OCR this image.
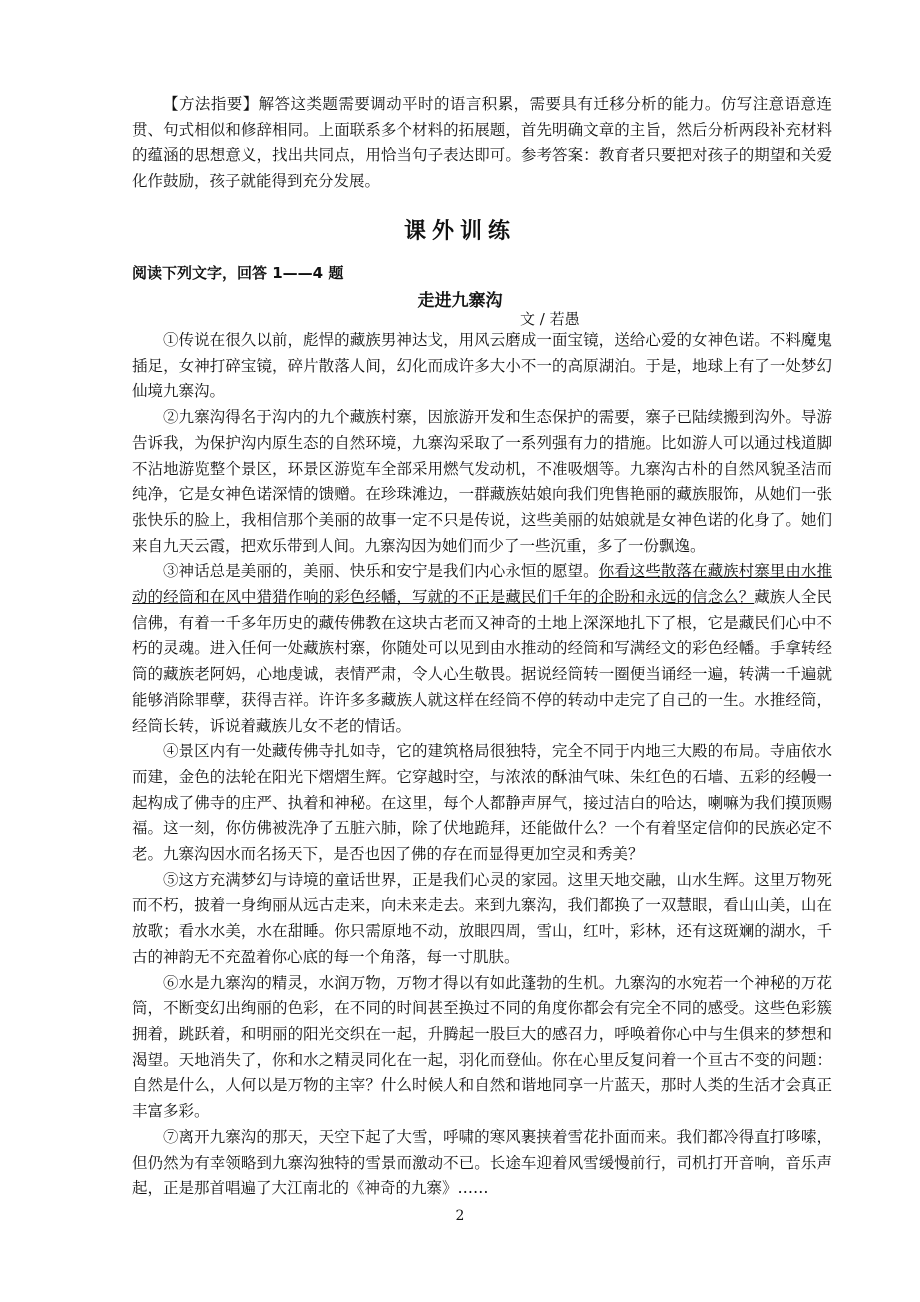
【方法指要】解答这类题需要调动平时的语言积累，需要具有迁移分析的能力。仿写注意语意连贯、句式相似和修辞相同。上面联系多个材料的拓展题，首先明确文章的主旨，然后分析两段补充材料的蕴涵的思想意义，找出共同点，用恰当句子表达即可。参考答案：教育者只要把对孩子的期望和关爱化作鼓励，孩子就能得到充分发展。
课外训练
阅读下列文字，回答 1——4 题
走进九寨沟
文 / 若愚

①传说在很久以前，彪悍的藏族男神达戈，用风云磨成一面宝镜，送给心爱的女神色诺。不料魔鬼插足，女神打碎宝镜，碎片散落人间，幻化而成许多大小不一的高原湖泊。于是，地球上有了一处梦幻仙境九寨沟。

②九寨沟得名于沟内的九个藏族村寨，因旅游开发和生态保护的需要，寨子已陆续搬到沟外。导游告诉我，为保护沟内原生态的自然环境，九寨沟采取了一系列强有力的措施。比如游人可以通过栈道脚不沾地游览整个景区，环景区游览车全部采用燃气发动机，不准吸烟等。九寨沟古朴的自然风貌圣洁而纯净，它是女神色诺深情的馈赠。在珍珠滩边，一群藏族姑娘向我们兜售艳丽的藏族服饰，从她们一张张快乐的脸上，我相信那个美丽的故事一定不只是传说，这些美丽的姑娘就是女神色诺的化身了。她们来自九天云霞，把欢乐带到人间。九寨沟因为她们而少了一些沉重，多了一份飘逸。

③神话总是美丽的，美丽、快乐和安宁是我们内心永恒的愿望。你看这些散落在藏族村寨里由水推动的经筒和在风中猎猎作响的彩色经幡，写就的不正是藏民们千年的企盼和永远的信念么？藏族人全民信佛，有着一千多年历史的藏传佛教在这块古老而又神奇的土地上深深地扎下了根，它是藏民们心中不朽的灵魂。进入任何一处藏族村寨，你随处可以见到由水推动的经筒和写满经文的彩色经幡。手拿转经筒的藏族老阿妈，心地虔诚，表情严肃，令人心生敬畏。据说经筒转一圈便当诵经一遍，转满一千遍就能够消除罪孽，获得吉祥。许许多多藏族人就这样在经筒不停的转动中走完了自己的一生。水推经筒，经筒长转，诉说着藏族儿女不老的情话。

④景区内有一处藏传佛寺扎如寺，它的建筑格局很独特，完全不同于内地三大殿的布局。寺庙依水而建，金色的法轮在阳光下熠熠生辉。它穿越时空，与浓浓的酥油气味、朱红色的石墙、五彩的经幔一起构成了佛寺的庄严、执着和神秘。在这里，每个人都静声屏气，接过洁白的哈达，喇嘛为我们摸顶赐福。这一刻，你仿佛被洗净了五脏六肺，除了伏地跪拜，还能做什么？一个有着坚定信仰的民族必定不老。九寨沟因水而名扬天下，是否也因了佛的存在而显得更加空灵和秀美？

⑤这方充满梦幻与诗境的童话世界，正是我们心灵的家园。这里天地交融，山水生辉。这里万物死而不朽，披着一身绚丽从远古走来，向未来走去。来到九寨沟，我们都换了一双慧眼，看山山美，山在放歌；看水水美，水在甜睡。你只需原地不动，放眼四周，雪山，红叶，彩林，还有这斑斓的湖水，千古的神韵无不充盈着你心底的每一个角落，每一寸肌肤。

⑥水是九寨沟的精灵，水润万物，万物才得以有如此蓬勃的生机。九寨沟的水宛若一个神秘的万花筒，不断变幻出绚丽的色彩，在不同的时间甚至换过不同的角度你都会有完全不同的感受。这些色彩簇拥着，跳跃着，和明丽的阳光交织在一起，升腾起一股巨大的感召力，呼唤着你心中与生俱来的梦想和渴望。天地消失了，你和水之精灵同化在一起，羽化而登仙。你在心里反复问着一个亘古不变的问题：自然是什么，人何以是万物的主宰？什么时候人和自然和谐地同享一片蓝天，那时人类的生活才会真正丰富多彩。

⑦离开九寨沟的那天，天空下起了大雪，呼啸的寒风裹挟着雪花扑面而来。我们都冷得直打哆嗦，但仍然为有幸领略到九寨沟独特的雪景而激动不已。长途车迎着风雪缓慢前行，司机打开音响，音乐声起，正是那首唱遍了大江南北的《神奇的九寨》……

2
